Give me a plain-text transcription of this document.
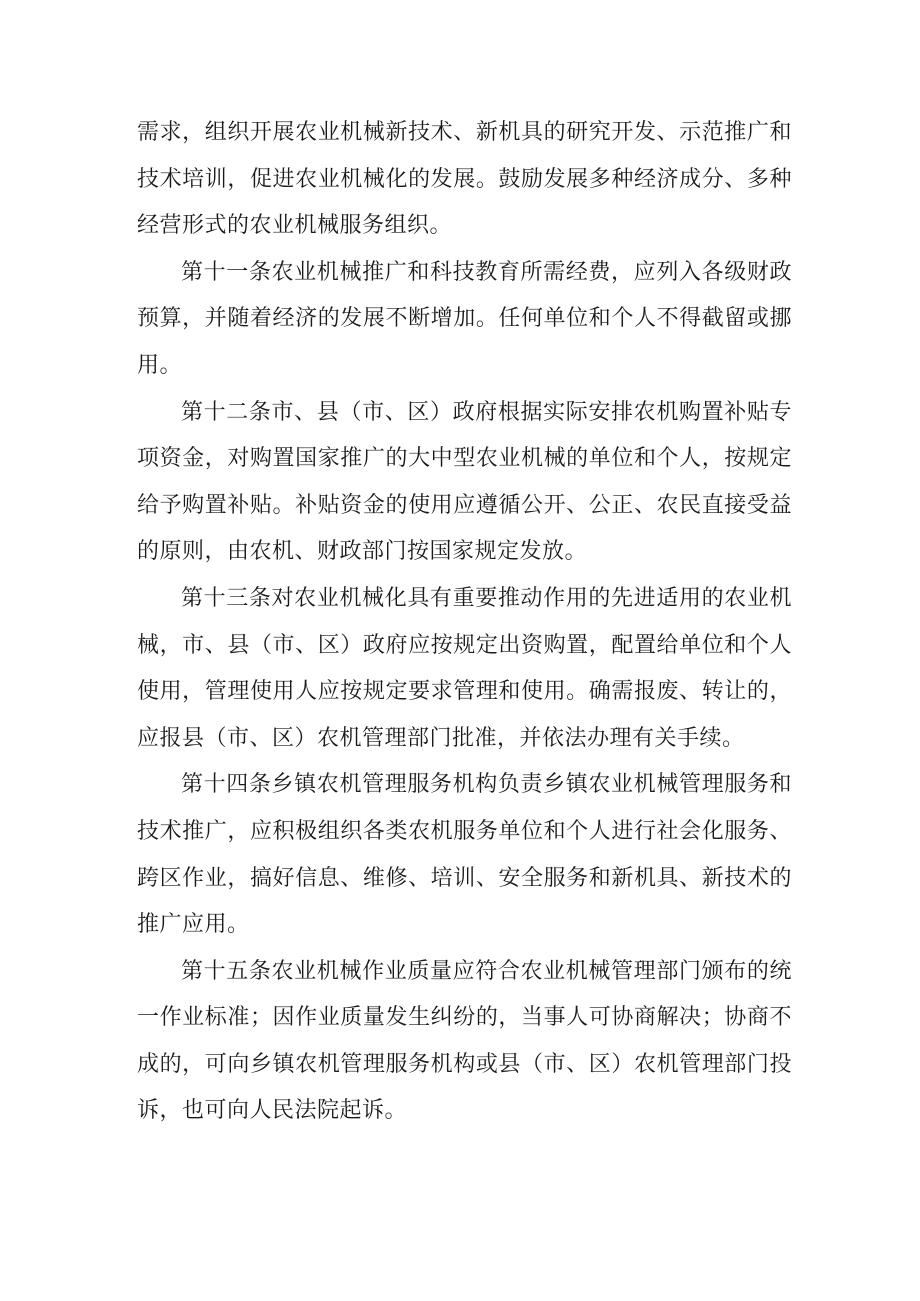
需求，组织开展农业机械新技术、新机具的研究开发、示范推广和技术培训，促进农业机械化的发展。鼓励发展多种经济成分、多种经营形式的农业机械服务组织。

第十一条农业机械推广和科技教育所需经费，应列入各级财政预算，并随着经济的发展不断增加。任何单位和个人不得截留或挪用。

第十二条市、县（市、区）政府根据实际安排农机购置补贴专项资金，对购置国家推广的大中型农业机械的单位和个人，按规定给予购置补贴。补贴资金的使用应遵循公开、公正、农民直接受益的原则，由农机、财政部门按国家规定发放。

第十三条对农业机械化具有重要推动作用的先进适用的农业机械，市、县（市、区）政府应按规定出资购置，配置给单位和个人使用，管理使用人应按规定要求管理和使用。确需报废、转让的，应报县（市、区）农机管理部门批准，并依法办理有关手续。

第十四条乡镇农机管理服务机构负责乡镇农业机械管理服务和技术推广，应积极组织各类农机服务单位和个人进行社会化服务、跨区作业，搞好信息、维修、培训、安全服务和新机具、新技术的推广应用。

第十五条农业机械作业质量应符合农业机械管理部门颁布的统一作业标准；因作业质量发生纠纷的，当事人可协商解决；协商不成的，可向乡镇农机管理服务机构或县（市、区）农机管理部门投诉，也可向人民法院起诉。
